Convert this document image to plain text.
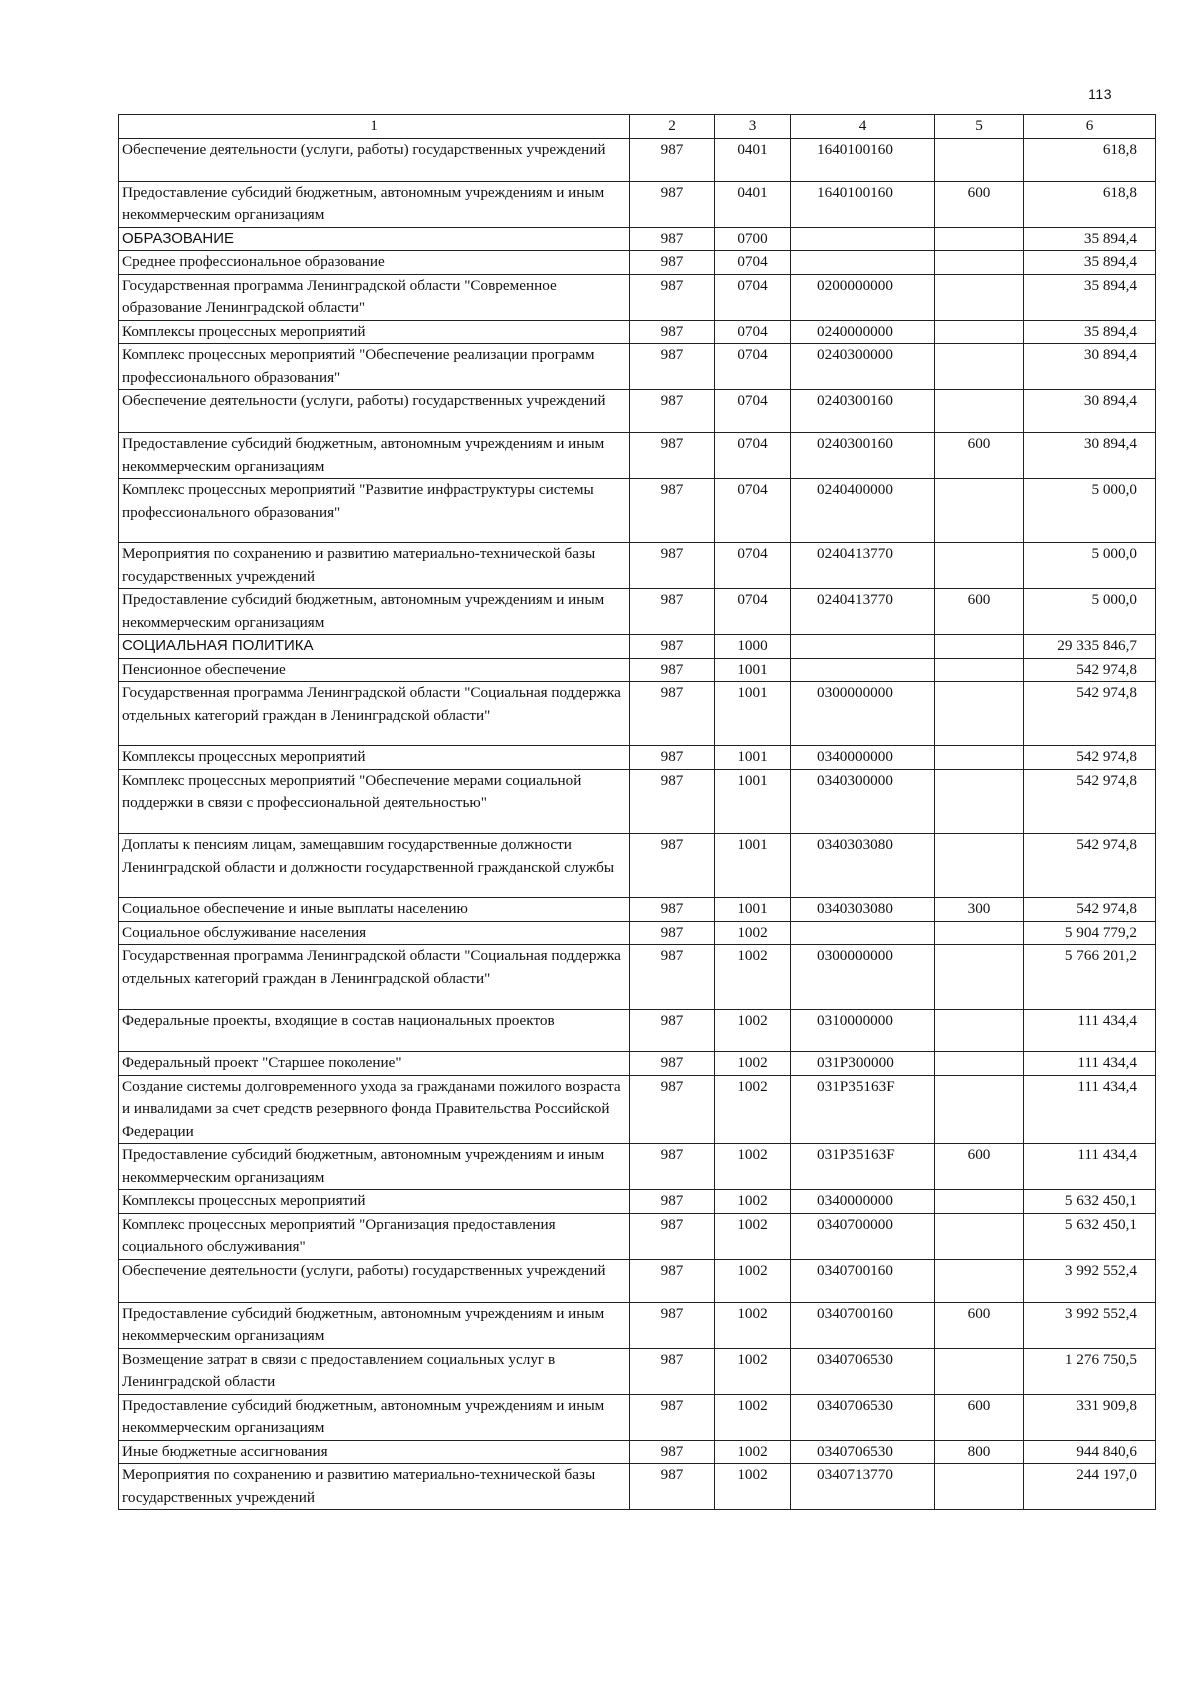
113
1	2	3	4	5	6
Обеспечение деятельности (услуги, работы) государственных учреждений	987	0401	1640100160		618,8
Предоставление субсидий бюджетным, автономным учреждениям и иным некоммерческим организациям	987	0401	1640100160	600	618,8
ОБРАЗОВАНИЕ	987	0700			35 894,4
Среднее профессиональное образование	987	0704			35 894,4
Государственная программа Ленинградской области "Современное образование Ленинградской области"	987	0704	0200000000		35 894,4
Комплексы процессных мероприятий	987	0704	0240000000		35 894,4
Комплекс процессных мероприятий "Обеспечение реализации программ профессионального образования"	987	0704	0240300000		30 894,4
Обеспечение деятельности (услуги, работы) государственных учреждений	987	0704	0240300160		30 894,4
Предоставление субсидий бюджетным, автономным учреждениям и иным некоммерческим организациям	987	0704	0240300160	600	30 894,4
Комплекс процессных мероприятий "Развитие инфраструктуры системы профессионального образования"	987	0704	0240400000		5 000,0
Мероприятия по сохранению и развитию материально-технической базы государственных учреждений	987	0704	0240413770		5 000,0
Предоставление субсидий бюджетным, автономным учреждениям и иным некоммерческим организациям	987	0704	0240413770	600	5 000,0
СОЦИАЛЬНАЯ ПОЛИТИКА	987	1000			29 335 846,7
Пенсионное обеспечение	987	1001			542 974,8
Государственная программа Ленинградской области "Социальная поддержка отдельных категорий граждан в Ленинградской области"	987	1001	0300000000		542 974,8
Комплексы процессных мероприятий	987	1001	0340000000		542 974,8
Комплекс процессных мероприятий "Обеспечение мерами социальной поддержки в связи с профессиональной деятельностью"	987	1001	0340300000		542 974,8
Доплаты к пенсиям лицам, замещавшим государственные должности Ленинградской области и должности государственной гражданской службы	987	1001	0340303080		542 974,8
Социальное обеспечение и иные выплаты населению	987	1001	0340303080	300	542 974,8
Социальное обслуживание населения	987	1002			5 904 779,2
Государственная программа Ленинградской области "Социальная поддержка отдельных категорий граждан в Ленинградской области"	987	1002	0300000000		5 766 201,2
Федеральные проекты, входящие в состав национальных проектов	987	1002	0310000000		111 434,4
Федеральный проект "Старшее поколение"	987	1002	031P300000		111 434,4
Создание системы долговременного ухода за гражданами пожилого возраста и инвалидами за счет средств резервного фонда Правительства Российской Федерации	987	1002	031P35163F		111 434,4
Предоставление субсидий бюджетным, автономным учреждениям и иным некоммерческим организациям	987	1002	031P35163F	600	111 434,4
Комплексы процессных мероприятий	987	1002	0340000000		5 632 450,1
Комплекс процессных мероприятий "Организация предоставления социального обслуживания"	987	1002	0340700000		5 632 450,1
Обеспечение деятельности (услуги, работы) государственных учреждений	987	1002	0340700160		3 992 552,4
Предоставление субсидий бюджетным, автономным учреждениям и иным некоммерческим организациям	987	1002	0340700160	600	3 992 552,4
Возмещение затрат в связи с предоставлением социальных услуг в Ленинградской области	987	1002	0340706530		1 276 750,5
Предоставление субсидий бюджетным, автономным учреждениям и иным некоммерческим организациям	987	1002	0340706530	600	331 909,8
Иные бюджетные ассигнования	987	1002	0340706530	800	944 840,6
Мероприятия по сохранению и развитию материально-технической базы государственных учреждений	987	1002	0340713770		244 197,0
